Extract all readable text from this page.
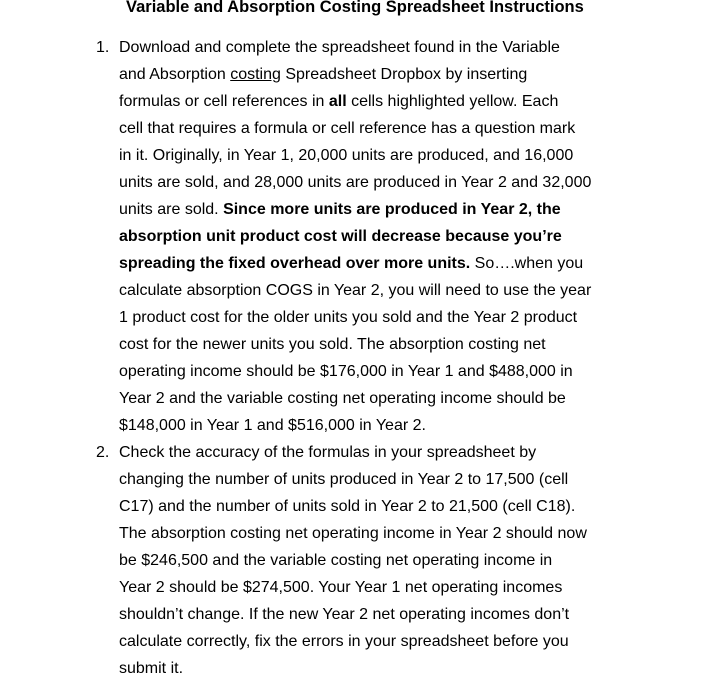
Variable and Absorption Costing Spreadsheet Instructions
1. Download and complete the spreadsheet found in the Variable
and Absorption costing Spreadsheet Dropbox by inserting
formulas or cell references in all cells highlighted yellow. Each
cell that requires a formula or cell reference has a question mark
in it. Originally, in Year 1, 20,000 units are produced, and 16,000
units are sold, and 28,000 units are produced in Year 2 and 32,000
units are sold. Since more units are produced in Year 2, the
absorption unit product cost will decrease because you’re
spreading the fixed overhead over more units. So….when you
calculate absorption COGS in Year 2, you will need to use the year
1 product cost for the older units you sold and the Year 2 product
cost for the newer units you sold. The absorption costing net
operating income should be $176,000 in Year 1 and $488,000 in
Year 2 and the variable costing net operating income should be
$148,000 in Year 1 and $516,000 in Year 2.
2. Check the accuracy of the formulas in your spreadsheet by
changing the number of units produced in Year 2 to 17,500 (cell
C17) and the number of units sold in Year 2 to 21,500 (cell C18).
The absorption costing net operating income in Year 2 should now
be $246,500 and the variable costing net operating income in
Year 2 should be $274,500. Your Year 1 net operating incomes
shouldn’t change. If the new Year 2 net operating incomes don’t
calculate correctly, fix the errors in your spreadsheet before you
submit it.
